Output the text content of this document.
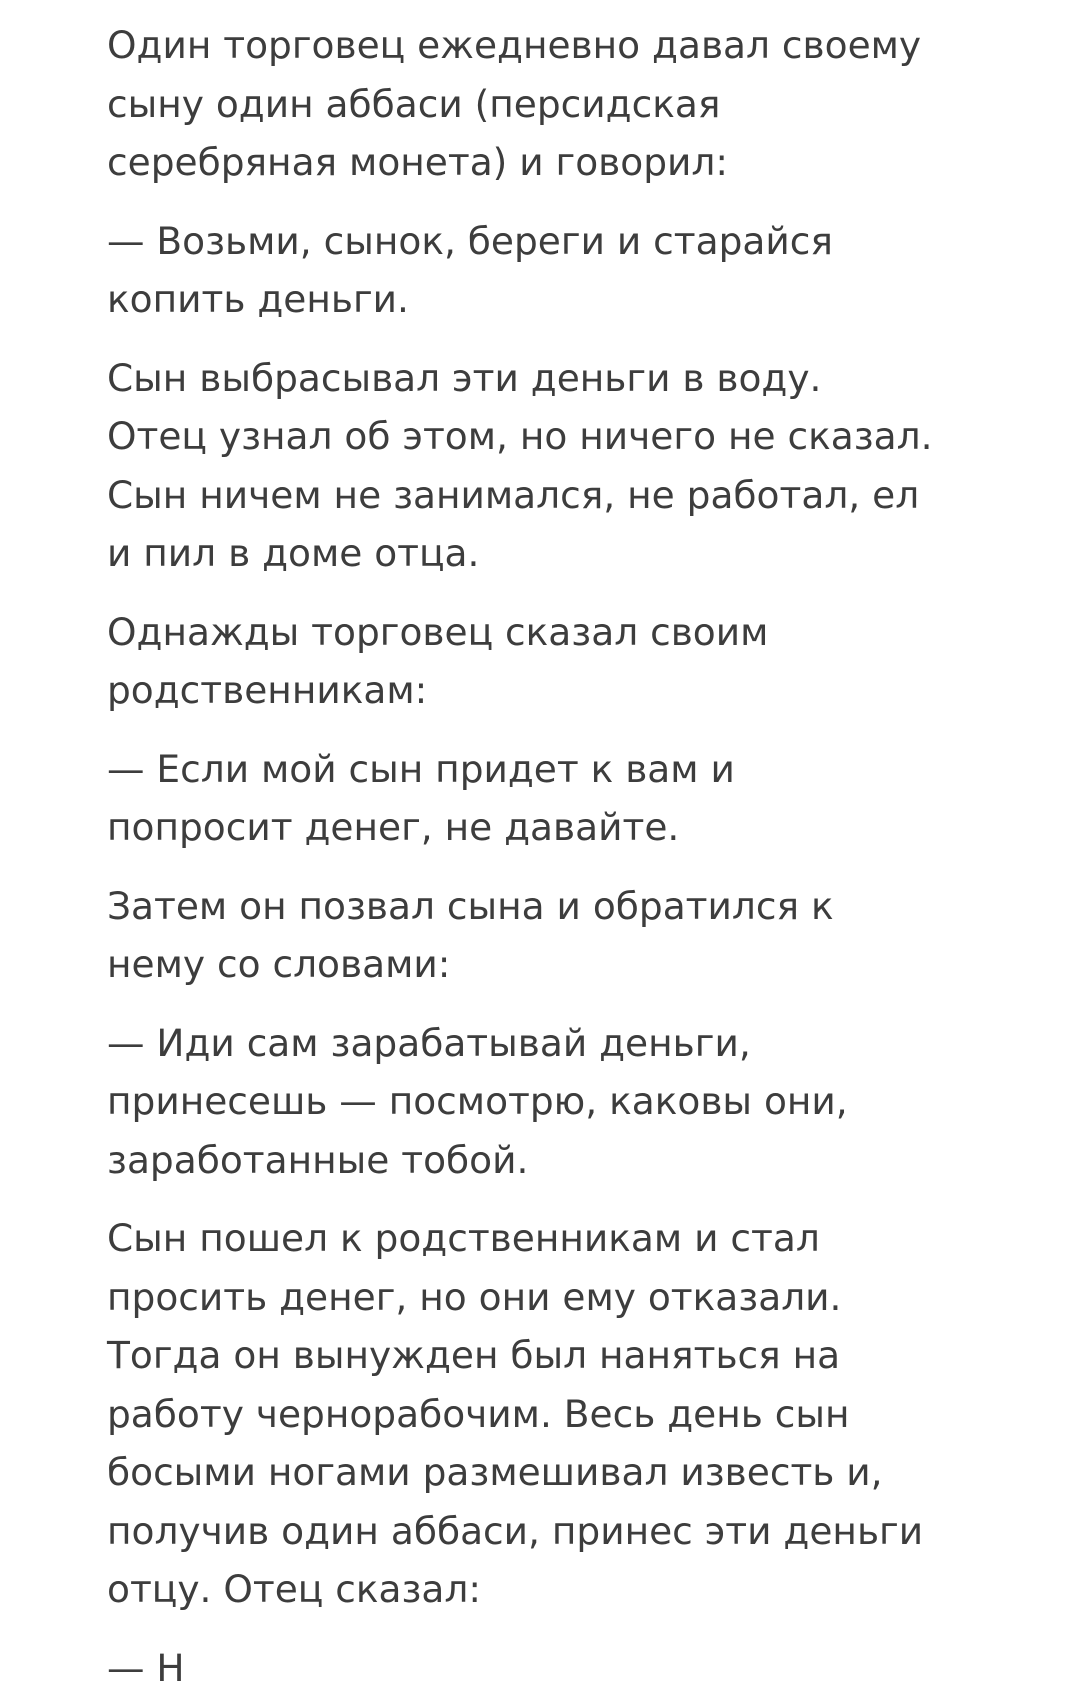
Один торговец ежедневно давал своему
сыну один аббаси (персидская
серебряная монета) и говорил:

— Возьми, сынок, береги и старайся
копить деньги.

Сын выбрасывал эти деньги в воду.
Отец узнал об этом, но ничего не сказал.
Сын ничем не занимался, не работал, ел
и пил в доме отца.

Однажды торговец сказал своим
родственникам:

— Если мой сын придет к вам и
попросит денег, не давайте.

Затем он позвал сына и обратился к
нему со словами:

— Иди сам зарабатывай деньги,
принесешь — посмотрю, каковы они,
заработанные тобой.

Сын пошел к родственникам и стал
просить денег, но они ему отказали.
Тогда он вынужден был наняться на
работу чернорабочим. Весь день сын
босыми ногами размешивал известь и,
получив один аббаси, принес эти деньги
отцу. Отец сказал:

— Н
